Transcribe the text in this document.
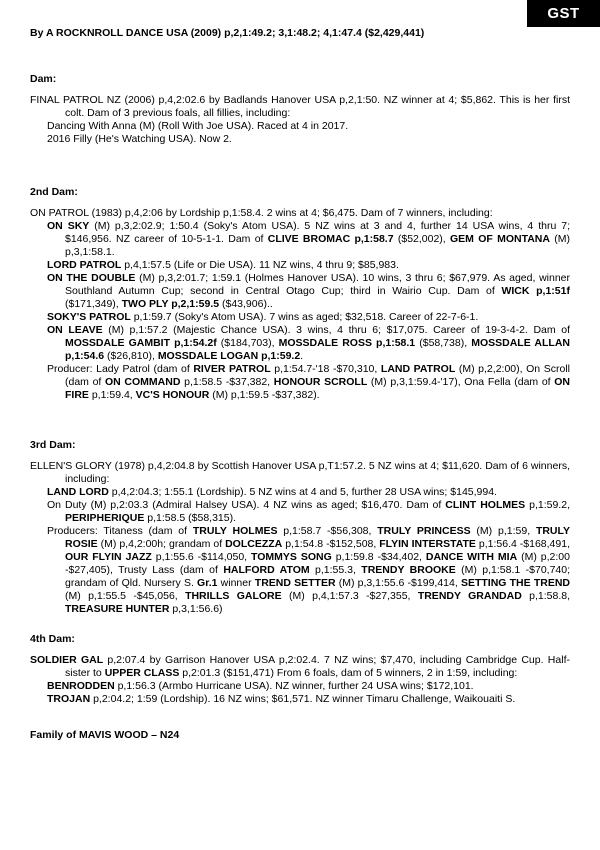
GST
By A ROCKNROLL DANCE USA (2009) p,2,1:49.2; 3,1:48.2; 4,1:47.4 ($2,429,441)
Dam:

FINAL PATROL NZ (2006) p,4,2:02.6 by Badlands Hanover USA p,2,1:50. NZ winner at 4; $5,862. This is her first colt. Dam of 3 previous foals, all fillies, including:

Dancing With Anna (M) (Roll With Joe USA). Raced at 4 in 2017.

2016 Filly (He's Watching USA). Now 2.

2nd Dam:

ON PATROL (1983) p,4,2:06 by Lordship p,1:58.4. 2 wins at 4; $6,475. Dam of 7 winners, including:

ON SKY (M) p,3,2:02.9; 1:50.4 (Soky's Atom USA). 5 NZ wins at 3 and 4, further 14 USA wins, 4 thru 7; $146,956. NZ career of 10-5-1-1. Dam of CLIVE BROMAC p,1:58.7 ($52,002), GEM OF MONTANA (M) p,3,1:58.1.

LORD PATROL p,4,1:57.5 (Life or Die USA). 11 NZ wins, 4 thru 9; $85,983.

ON THE DOUBLE (M) p,3,2:01.7; 1:59.1 (Holmes Hanover USA). 10 wins, 3 thru 6; $67,979. As aged, winner Southland Autumn Cup; second in Central Otago Cup; third in Wairio Cup. Dam of WICK p,1:51f ($171,349), TWO PLY p,2,1:59.5 ($43,906)..

SOKY'S PATROL p,1:59.7 (Soky's Atom USA). 7 wins as aged; $32,518. Career of 22-7-6-1.

ON LEAVE (M) p,1:57.2 (Majestic Chance USA). 3 wins, 4 thru 6; $17,075. Career of 19-3-4-2. Dam of MOSSDALE GAMBIT p,1:54.2f ($184,703), MOSSDALE ROSS p,1:58.1 ($58,738), MOSSDALE ALLAN p,1:54.6 ($26,810), MOSSDALE LOGAN p,1:59.2.

Producer: Lady Patrol (dam of RIVER PATROL p,1:54.7-'18 -$70,310, LAND PATROL (M) p,2,2:00), On Scroll (dam of ON COMMAND p,1:58.5 -$37,382, HONOUR SCROLL (M) p,3,1:59.4-'17), Ona Fella (dam of ON FIRE p,1:59.4, VC'S HONOUR (M) p,1:59.5 -$37,382).

3rd Dam:

ELLEN'S GLORY (1978) p,4,2:04.8 by Scottish Hanover USA p,T1:57.2. 5 NZ wins at 4; $11,620. Dam of 6 winners, including:

LAND LORD p,4,2:04.3; 1:55.1 (Lordship). 5 NZ wins at 4 and 5, further 28 USA wins; $145,994.

On Duty (M) p,2:03.3 (Admiral Halsey USA). 4 NZ wins as aged; $16,470. Dam of CLINT HOLMES p,1:59.2, PERIPHERIQUE p,1:58.5 ($58,315).

Producers: Titaness (dam of TRULY HOLMES p,1:58.7 -$56,308, TRULY PRINCESS (M) p,1:59, TRULY ROSIE (M) p,4,2:00h; grandam of DOLCEZZA p,1:54.8 -$152,508, FLYIN INTERSTATE p,1:56.4 -$168,491, OUR FLYIN JAZZ p,1:55.6 -$114,050, TOMMYS SONG p,1:59.8 -$34,402, DANCE WITH MIA (M) p,2:00 -$27,405), Trusty Lass (dam of HALFORD ATOM p,1:55.3, TRENDY BROOKE (M) p,1:58.1 -$70,740; grandam of Qld. Nursery S. Gr.1 winner TREND SETTER (M) p,3,1:55.6 -$199,414, SETTING THE TREND (M) p,1:55.5 -$45,056, THRILLS GALORE (M) p,4,1:57.3 -$27,355, TRENDY GRANDAD p,1:58.8, TREASURE HUNTER p,3,1:56.6)

4th Dam:

SOLDIER GAL p,2:07.4 by Garrison Hanover USA p,2:02.4. 7 NZ wins; $7,470, including Cambridge Cup. Half-sister to UPPER CLASS p,2:01.3 ($151,471) From 6 foals, dam of 5 winners, 2 in 1:59, including:

BENRODDEN p,1:56.3 (Armbo Hurricane USA). NZ winner, further 24 USA wins; $172,101.

TROJAN p,2:04.2; 1:59 (Lordship). 16 NZ wins; $61,571. NZ winner Timaru Challenge, Waikouaiti S.

Family of MAVIS WOOD – N24
